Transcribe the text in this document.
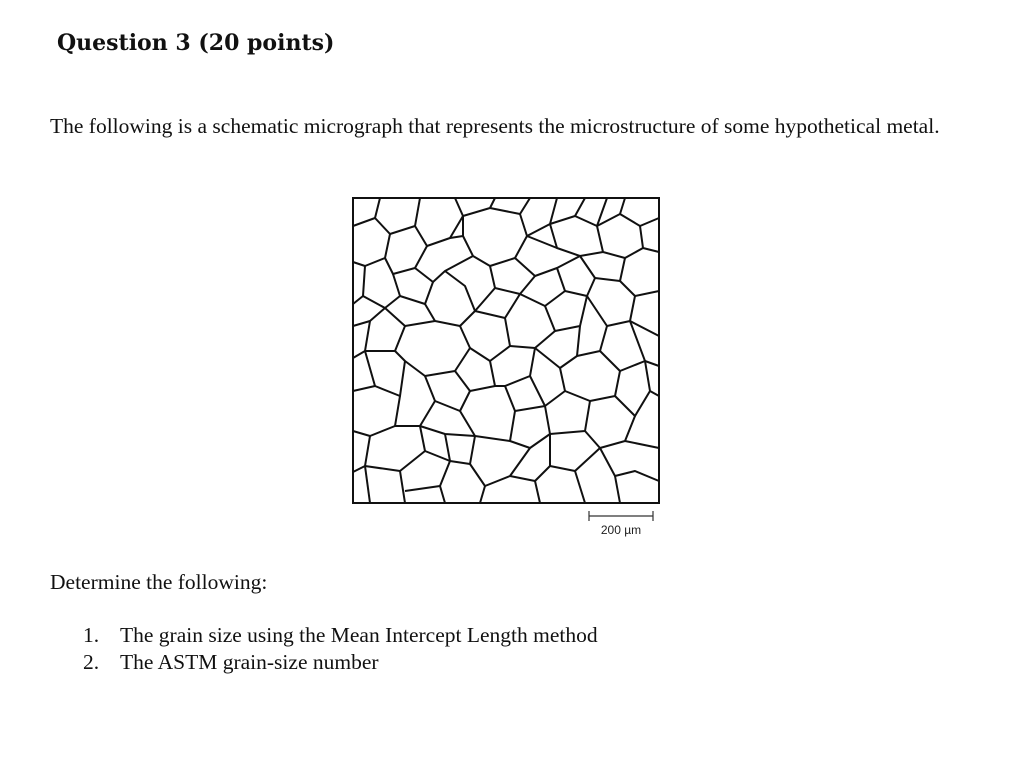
Question 3 (20 points)

The following is a schematic micrograph that represents the microstructure of some hypothetical metal.

200 µm

Determine the following:

1. The grain size using the Mean Intercept Length method
2. The ASTM grain-size number
